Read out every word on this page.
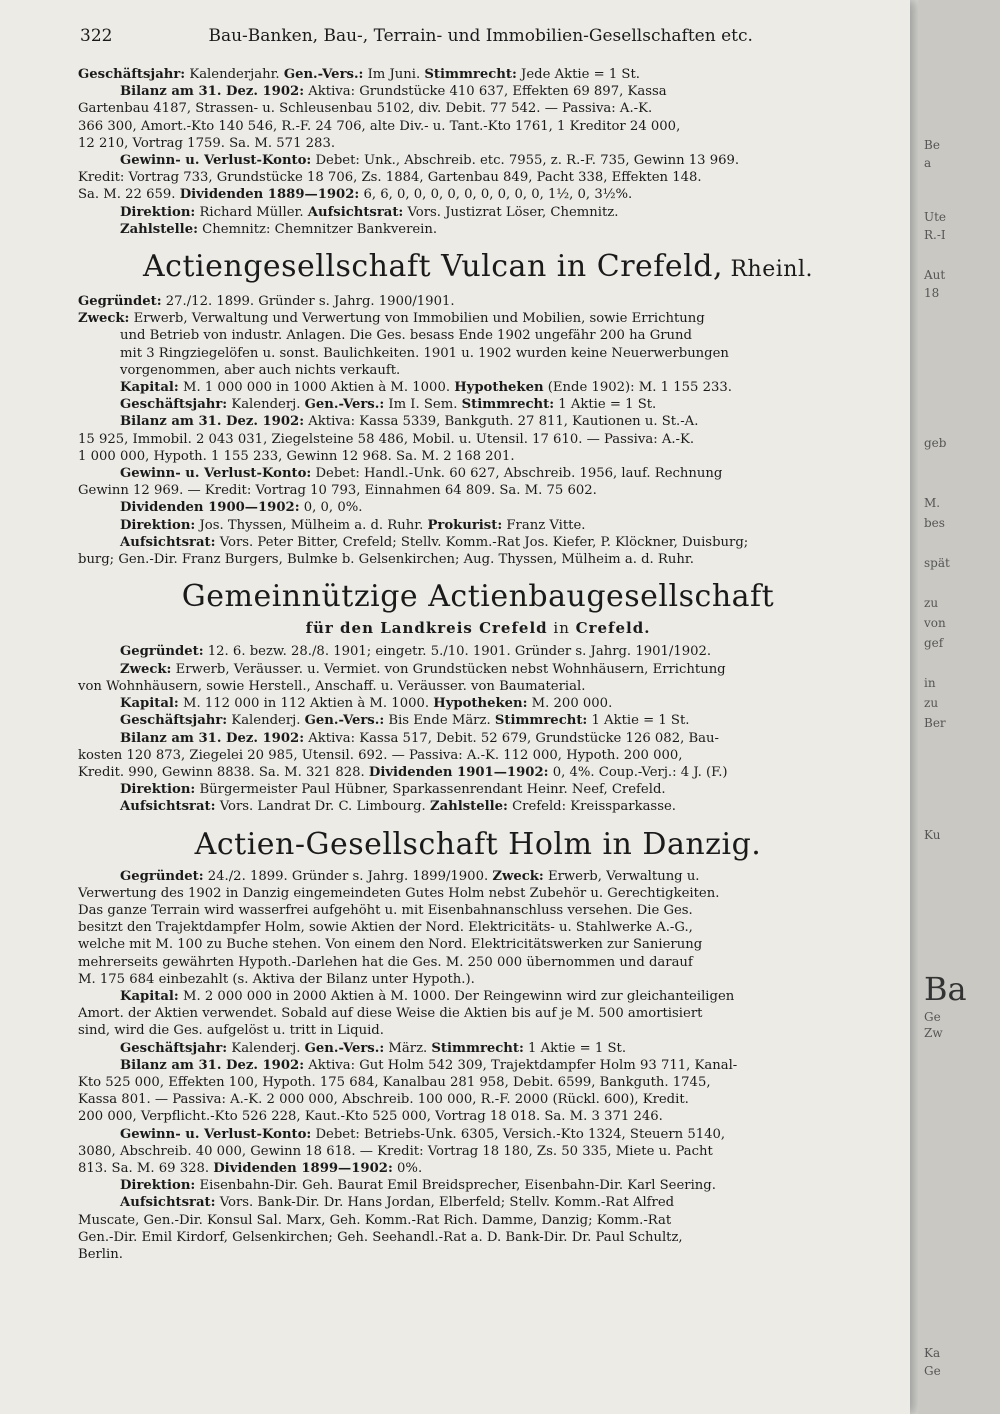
322	Bau-Banken, Bau-, Terrain- und Immobilien-Gesellschaften etc.
Geschäftsjahr: Kalenderjahr. Gen.-Vers.: Im Juni. Stimmrecht: Jede Aktie = 1 St.
Bilanz am 31. Dez. 1902: Aktiva: Grundstücke 410 637, Effekten 69 897, Kassa
Gartenbau 4187, Strassen- u. Schleusenbau 5102, div. Debit. 77 542. — Passiva: A.-K.
366 300, Amort.-Kto 140 546, R.-F. 24 706, alte Div.- u. Tant.-Kto 1761, 1 Kreditor 24 000,
12 210, Vortrag 1759. Sa. M. 571 283.
Gewinn- u. Verlust-Konto: Debet: Unk., Abschreib. etc. 7955, z. R.-F. 735, Gewinn 13 969.
Kredit: Vortrag 733, Grundstücke 18 706, Zs. 1884, Gartenbau 849, Pacht 338, Effekten 148.
Sa. M. 22 659. Dividenden 1889—1902: 6, 6, 0, 0, 0, 0, 0, 0, 0, 0, 0, 1½, 0, 3½%.
Direktion: Richard Müller. Aufsichtsrat: Vors. Justizrat Löser, Chemnitz.
Zahlstelle: Chemnitz: Chemnitzer Bankverein.
Actiengesellschaft Vulcan in Crefeld, Rheinl.
Gegründet: 27./12. 1899. Gründer s. Jahrg. 1900/1901.
Zweck: Erwerb, Verwaltung und Verwertung von Immobilien und Mobilien, sowie Errichtung
und Betrieb von industr. Anlagen. Die Ges. besass Ende 1902 ungefähr 200 ha Grund
mit 3 Ringziegelöfen u. sonst. Baulichkeiten. 1901 u. 1902 wurden keine Neuerwerbungen
vorgenommen, aber auch nichts verkauft.
Kapital: M. 1 000 000 in 1000 Aktien à M. 1000. Hypotheken (Ende 1902): M. 1 155 233.
Geschäftsjahr: Kalenderj. Gen.-Vers.: Im I. Sem. Stimmrecht: 1 Aktie = 1 St.
Bilanz am 31. Dez. 1902: Aktiva: Kassa 5339, Bankguth. 27 811, Kautionen u. St.-A.
15 925, Immobil. 2 043 031, Ziegelsteine 58 486, Mobil. u. Utensil. 17 610. — Passiva: A.-K.
1 000 000, Hypoth. 1 155 233, Gewinn 12 968. Sa. M. 2 168 201.
Gewinn- u. Verlust-Konto: Debet: Handl.-Unk. 60 627, Abschreib. 1956, lauf. Rechnung
Gewinn 12 969. — Kredit: Vortrag 10 793, Einnahmen 64 809. Sa. M. 75 602.
Dividenden 1900—1902: 0, 0, 0%.
Direktion: Jos. Thyssen, Mülheim a. d. Ruhr. Prokurist: Franz Vitte.
Aufsichtsrat: Vors. Peter Bitter, Crefeld; Stellv. Komm.-Rat Jos. Kiefer, P. Klöckner, Duisburg;
burg; Gen.-Dir. Franz Burgers, Bulmke b. Gelsenkirchen; Aug. Thyssen, Mülheim a. d. Ruhr.
Gemeinnützige Actienbaugesellschaft
für den Landkreis Crefeld in Crefeld.
Gegründet: 12. 6. bezw. 28./8. 1901; eingetr. 5./10. 1901. Gründer s. Jahrg. 1901/1902.
Zweck: Erwerb, Veräusser. u. Vermiet. von Grundstücken nebst Wohnhäusern, Errichtung
von Wohnhäusern, sowie Herstell., Anschaff. u. Veräusser. von Baumaterial.
Kapital: M. 112 000 in 112 Aktien à M. 1000. Hypotheken: M. 200 000.
Geschäftsjahr: Kalenderj. Gen.-Vers.: Bis Ende März. Stimmrecht: 1 Aktie = 1 St.
Bilanz am 31. Dez. 1902: Aktiva: Kassa 517, Debit. 52 679, Grundstücke 126 082, Bau-
kosten 120 873, Ziegelei 20 985, Utensil. 692. — Passiva: A.-K. 112 000, Hypoth. 200 000,
Kredit. 990, Gewinn 8838. Sa. M. 321 828. Dividenden 1901—1902: 0, 4%. Coup.-Verj.: 4 J. (F.)
Direktion: Bürgermeister Paul Hübner, Sparkassenrendant Heinr. Neef, Crefeld.
Aufsichtsrat: Vors. Landrat Dr. C. Limbourg. Zahlstelle: Crefeld: Kreissparkasse.
Actien-Gesellschaft Holm in Danzig.
Gegründet: 24./2. 1899. Gründer s. Jahrg. 1899/1900. Zweck: Erwerb, Verwaltung u.
Verwertung des 1902 in Danzig eingemeindeten Gutes Holm nebst Zubehör u. Gerechtigkeiten.
Das ganze Terrain wird wasserfrei aufgehöht u. mit Eisenbahnanschluss versehen. Die Ges.
besitzt den Trajektdampfer Holm, sowie Aktien der Nord. Elektricitäts- u. Stahlwerke A.-G.,
welche mit M. 100 zu Buche stehen. Von einem den Nord. Elektricitätswerken zur Sanierung
mehrerseits gewährten Hypoth.-Darlehen hat die Ges. M. 250 000 übernommen und darauf
M. 175 684 einbezahlt (s. Aktiva der Bilanz unter Hypoth.).
Kapital: M. 2 000 000 in 2000 Aktien à M. 1000. Der Reingewinn wird zur gleichanteiligen
Amort. der Aktien verwendet. Sobald auf diese Weise die Aktien bis auf je M. 500 amortisiert
sind, wird die Ges. aufgelöst u. tritt in Liquid.
Geschäftsjahr: Kalenderj. Gen.-Vers.: März. Stimmrecht: 1 Aktie = 1 St.
Bilanz am 31. Dez. 1902: Aktiva: Gut Holm 542 309, Trajektdampfer Holm 93 711, Kanal-
Kto 525 000, Effekten 100, Hypoth. 175 684, Kanalbau 281 958, Debit. 6599, Bankguth. 1745,
Kassa 801. — Passiva: A.-K. 2 000 000, Abschreib. 100 000, R.-F. 2000 (Rückl. 600), Kredit.
200 000, Verpflicht.-Kto 526 228, Kaut.-Kto 525 000, Vortrag 18 018. Sa. M. 3 371 246.
Gewinn- u. Verlust-Konto: Debet: Betriebs-Unk. 6305, Versich.-Kto 1324, Steuern 5140,
3080, Abschreib. 40 000, Gewinn 18 618. — Kredit: Vortrag 18 180, Zs. 50 335, Miete u. Pacht
813. Sa. M. 69 328. Dividenden 1899—1902: 0%.
Direktion: Eisenbahn-Dir. Geh. Baurat Emil Breidsprecher, Eisenbahn-Dir. Karl Seering.
Aufsichtsrat: Vors. Bank-Dir. Dr. Hans Jordan, Elberfeld; Stellv. Komm.-Rat Alfred
Muscate, Gen.-Dir. Konsul Sal. Marx, Geh. Komm.-Rat Rich. Damme, Danzig; Komm.-Rat
Gen.-Dir. Emil Kirdorf, Gelsenkirchen; Geh. Seehandl.-Rat a. D. Bank-Dir. Dr. Paul Schultz,
Berlin.
Be
a
Ute
R.-I
Aut
18
geb
M.
bes
spät
zu
von
gef
in
zu
Ber
Ku
Ba
Ge
Zw
Ka
Ge
